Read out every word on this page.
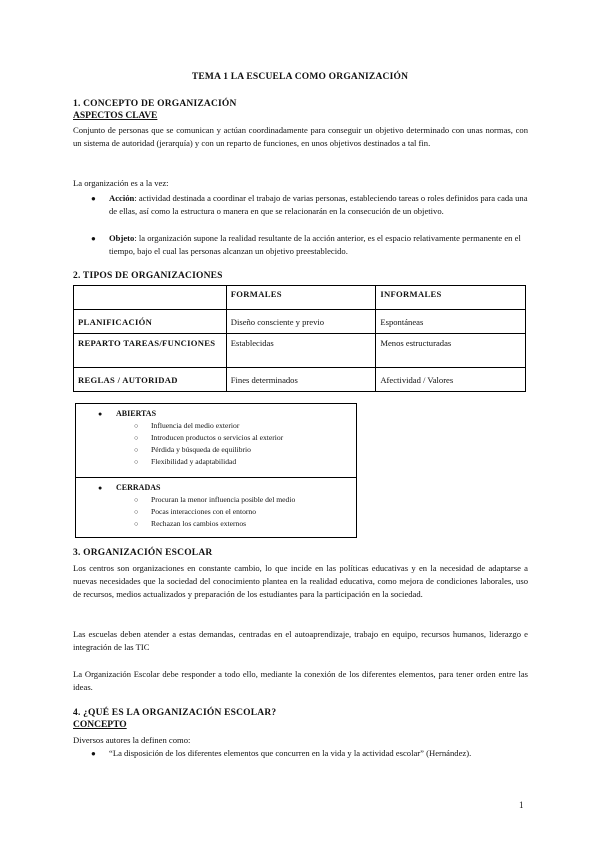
TEMA 1 LA ESCUELA COMO ORGANIZACIÓN
1. CONCEPTO DE ORGANIZACIÓN
ASPECTOS CLAVE
Conjunto de personas que se comunican y actúan coordinadamente para conseguir un objetivo determinado con unas normas, con un sistema de autoridad (jerarquía) y con un reparto de funciones, en unos objetivos destinados a tal fin.
La organización es a la vez:
● Acción: actividad destinada a coordinar el trabajo de varias personas, estableciendo tareas o roles definidos para cada una de ellas, así como la estructura o manera en que se relacionarán en la consecución de un objetivo.
● Objeto: la organización supone la realidad resultante de la acción anterior, es el espacio relativamente permanente en el tiempo, bajo el cual las personas alcanzan un objetivo preestablecido.
2. TIPOS DE ORGANIZACIONES
	FORMALES	INFORMALES
PLANIFICACIÓN	Diseño consciente y previo	Espontáneas
REPARTO TAREAS/FUNCIONES	Establecidas	Menos estructuradas
REGLAS / AUTORIDAD	Fines determinados	Afectividad / Valores
● ABIERTAS
○ Influencia del medio exterior
○ Introducen productos o servicios al exterior
○ Pérdida y búsqueda de equilibrio
○ Flexibilidad y adaptabilidad
● CERRADAS
○ Procuran la menor influencia posible del medio
○ Pocas interacciones con el entorno
○ Rechazan los cambios externos
3. ORGANIZACIÓN ESCOLAR
Los centros son organizaciones en constante cambio, lo que incide en las políticas educativas y en la necesidad de adaptarse a nuevas necesidades que la sociedad del conocimiento plantea en la realidad educativa, como mejora de condiciones laborales, uso de recursos, medios actualizados y preparación de los estudiantes para la participación en la sociedad.
Las escuelas deben atender a estas demandas, centradas en el autoaprendizaje, trabajo en equipo, recursos humanos, liderazgo e integración de las TIC
La Organización Escolar debe responder a todo ello, mediante la conexión de los diferentes elementos, para tener orden entre las ideas.
4. ¿QUÉ ES LA ORGANIZACIÓN ESCOLAR?
CONCEPTO
Diversos autores la definen como:
● “La disposición de los diferentes elementos que concurren en la vida y la actividad escolar” (Hernández).
1
